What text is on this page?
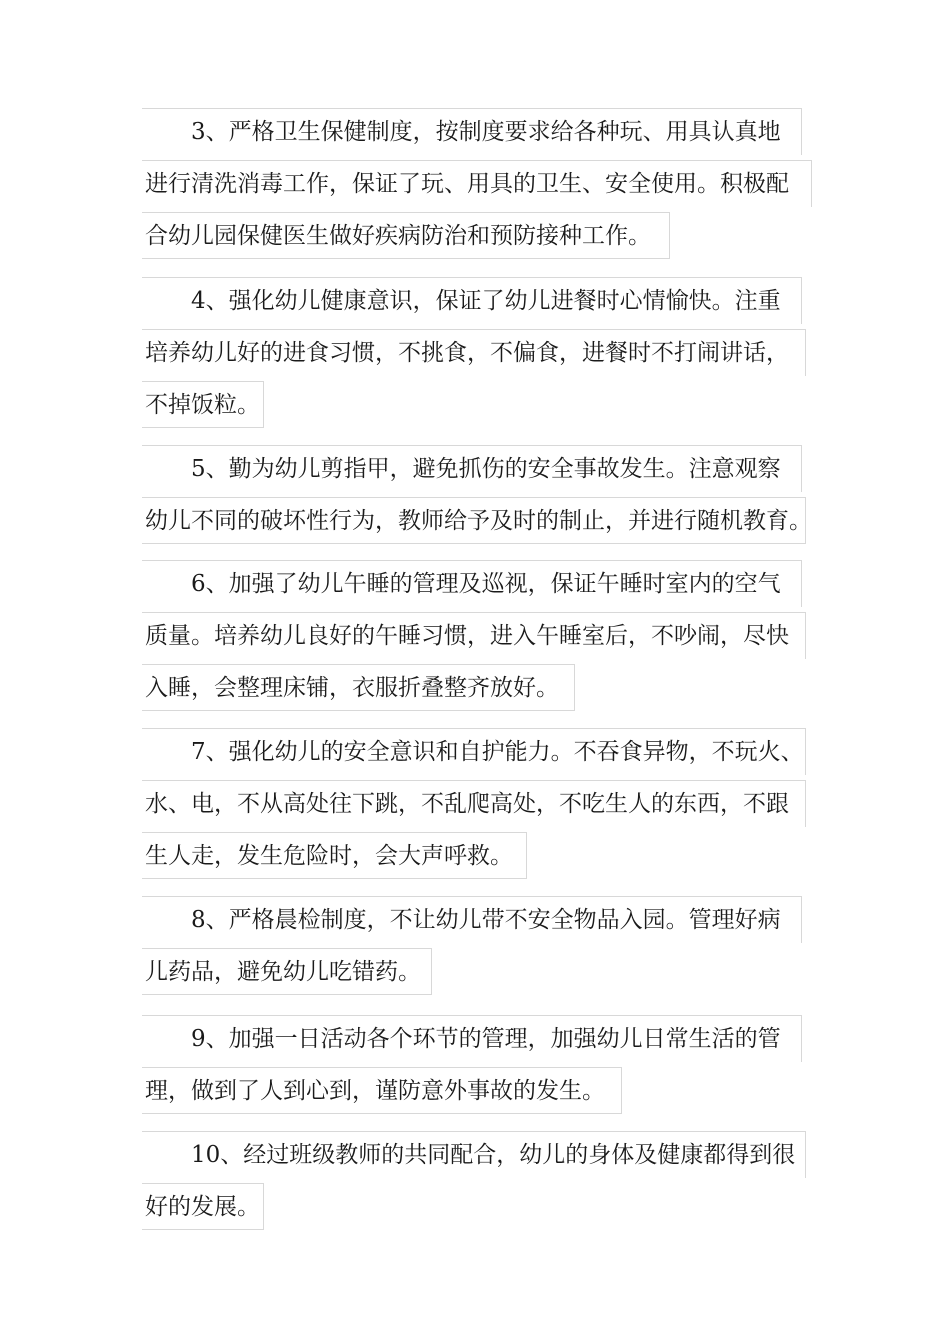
3、严格卫生保健制度，按制度要求给各种玩、用具认真地
进行清洗消毒工作，保证了玩、用具的卫生、安全使用。积极配
合幼儿园保健医生做好疾病防治和预防接种工作。
4、强化幼儿健康意识，保证了幼儿进餐时心情愉快。注重
培养幼儿好的进食习惯，不挑食，不偏食，进餐时不打闹讲话，
不掉饭粒。
5、勤为幼儿剪指甲，避免抓伤的安全事故发生。注意观察
幼儿不同的破坏性行为，教师给予及时的制止，并进行随机教育。
6、加强了幼儿午睡的管理及巡视，保证午睡时室内的空气
质量。培养幼儿良好的午睡习惯，进入午睡室后，不吵闹，尽快
入睡，会整理床铺，衣服折叠整齐放好。
7、强化幼儿的安全意识和自护能力。不吞食异物，不玩火、
水、电，不从高处往下跳，不乱爬高处，不吃生人的东西，不跟
生人走，发生危险时，会大声呼救。
8、严格晨检制度，不让幼儿带不安全物品入园。管理好病
儿药品，避免幼儿吃错药。
9、加强一日活动各个环节的管理，加强幼儿日常生活的管
理，做到了人到心到，谨防意外事故的发生。
10、经过班级教师的共同配合，幼儿的身体及健康都得到很
好的发展。
